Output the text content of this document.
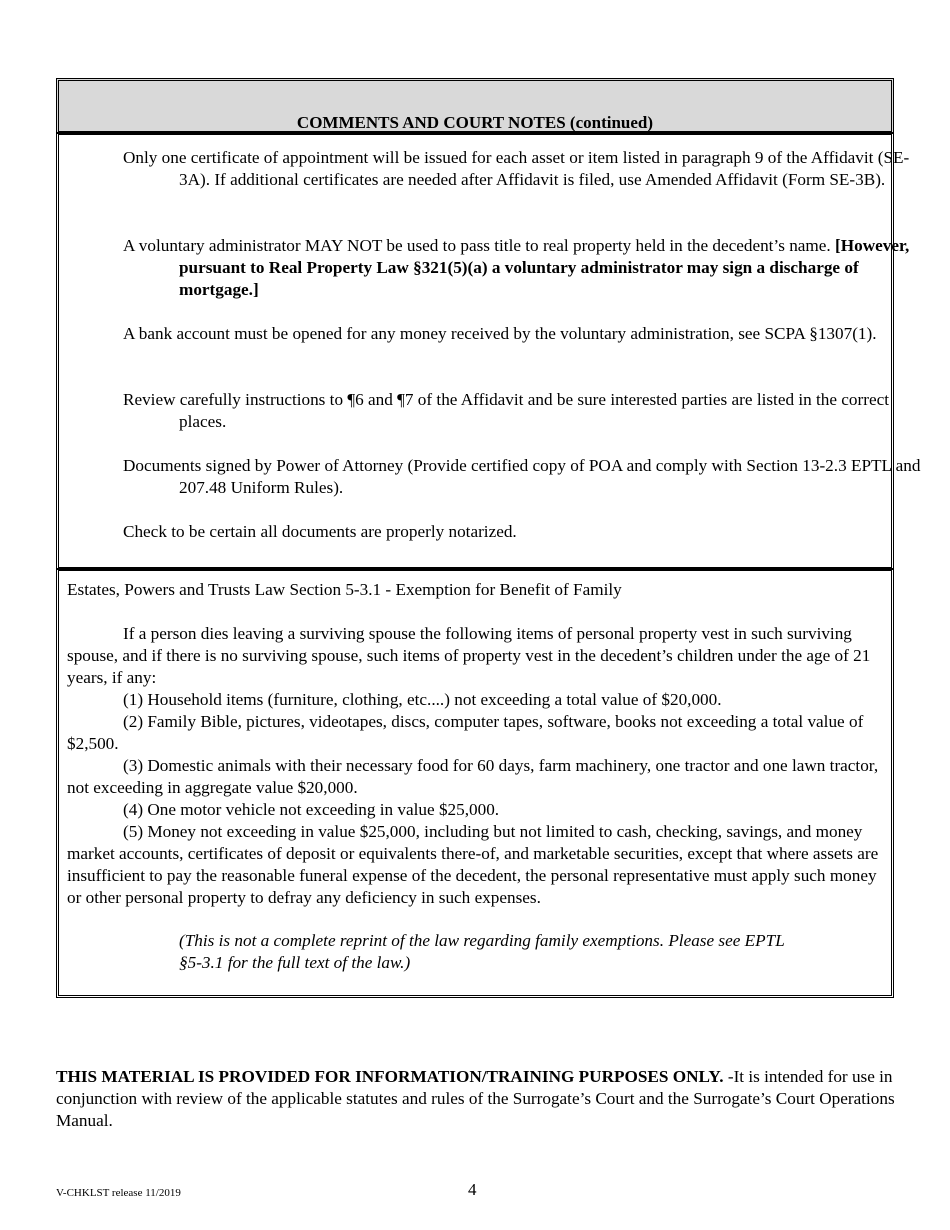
COMMENTS AND COURT NOTES (continued)
Only one certificate of appointment will be issued for each asset or item listed in paragraph 9 of the Affidavit (SE-3A). If additional certificates are needed after Affidavit is filed, use Amended Affidavit (Form SE-3B).
A voluntary administrator MAY NOT be used to pass title to real property held in the decedent’s name. [However, pursuant to Real Property Law §321(5)(a) a voluntary administrator may sign a discharge of mortgage.]
A bank account must be opened for any money received by the voluntary administration, see SCPA §1307(1).
Review carefully instructions to ¶6 and ¶7 of the Affidavit and be sure interested parties are listed in the correct places.
Documents signed by Power of Attorney (Provide certified copy of POA and comply with Section 13-2.3 EPTL and 207.48 Uniform Rules).
Check to be certain all documents are properly notarized.
Estates, Powers and Trusts Law Section 5-3.1 - Exemption for Benefit of Family

If a person dies leaving a surviving spouse the following items of personal property vest in such surviving spouse, and if there is no surviving spouse, such items of property vest in the decedent’s children under the age of 21 years, if any:

(1) Household items (furniture, clothing, etc....) not exceeding a total value of $20,000.

(2) Family Bible, pictures, videotapes, discs, computer tapes, software, books not exceeding a total value of $2,500.

(3) Domestic animals with their necessary food for 60 days, farm machinery, one tractor and one lawn tractor, not exceeding in aggregate value $20,000.

(4) One motor vehicle not exceeding in value $25,000.

(5) Money not exceeding in value $25,000, including but not limited to cash, checking, savings, and money market accounts, certificates of deposit or equivalents there-of, and marketable securities, except that where assets are insufficient to pay the reasonable funeral expense of the decedent, the personal representative must apply such money or other personal property to defray any deficiency in such expenses.

(This is not a complete reprint of the law regarding family exemptions. Please see EPTL §5-3.1 for the full text of the law.)
THIS MATERIAL IS PROVIDED FOR INFORMATION/TRAINING PURPOSES ONLY. -It is intended for use in conjunction with review of the applicable statutes and rules of the Surrogate’s Court and the Surrogate’s Court Operations Manual.
V-CHKLST release 11/2019	4
